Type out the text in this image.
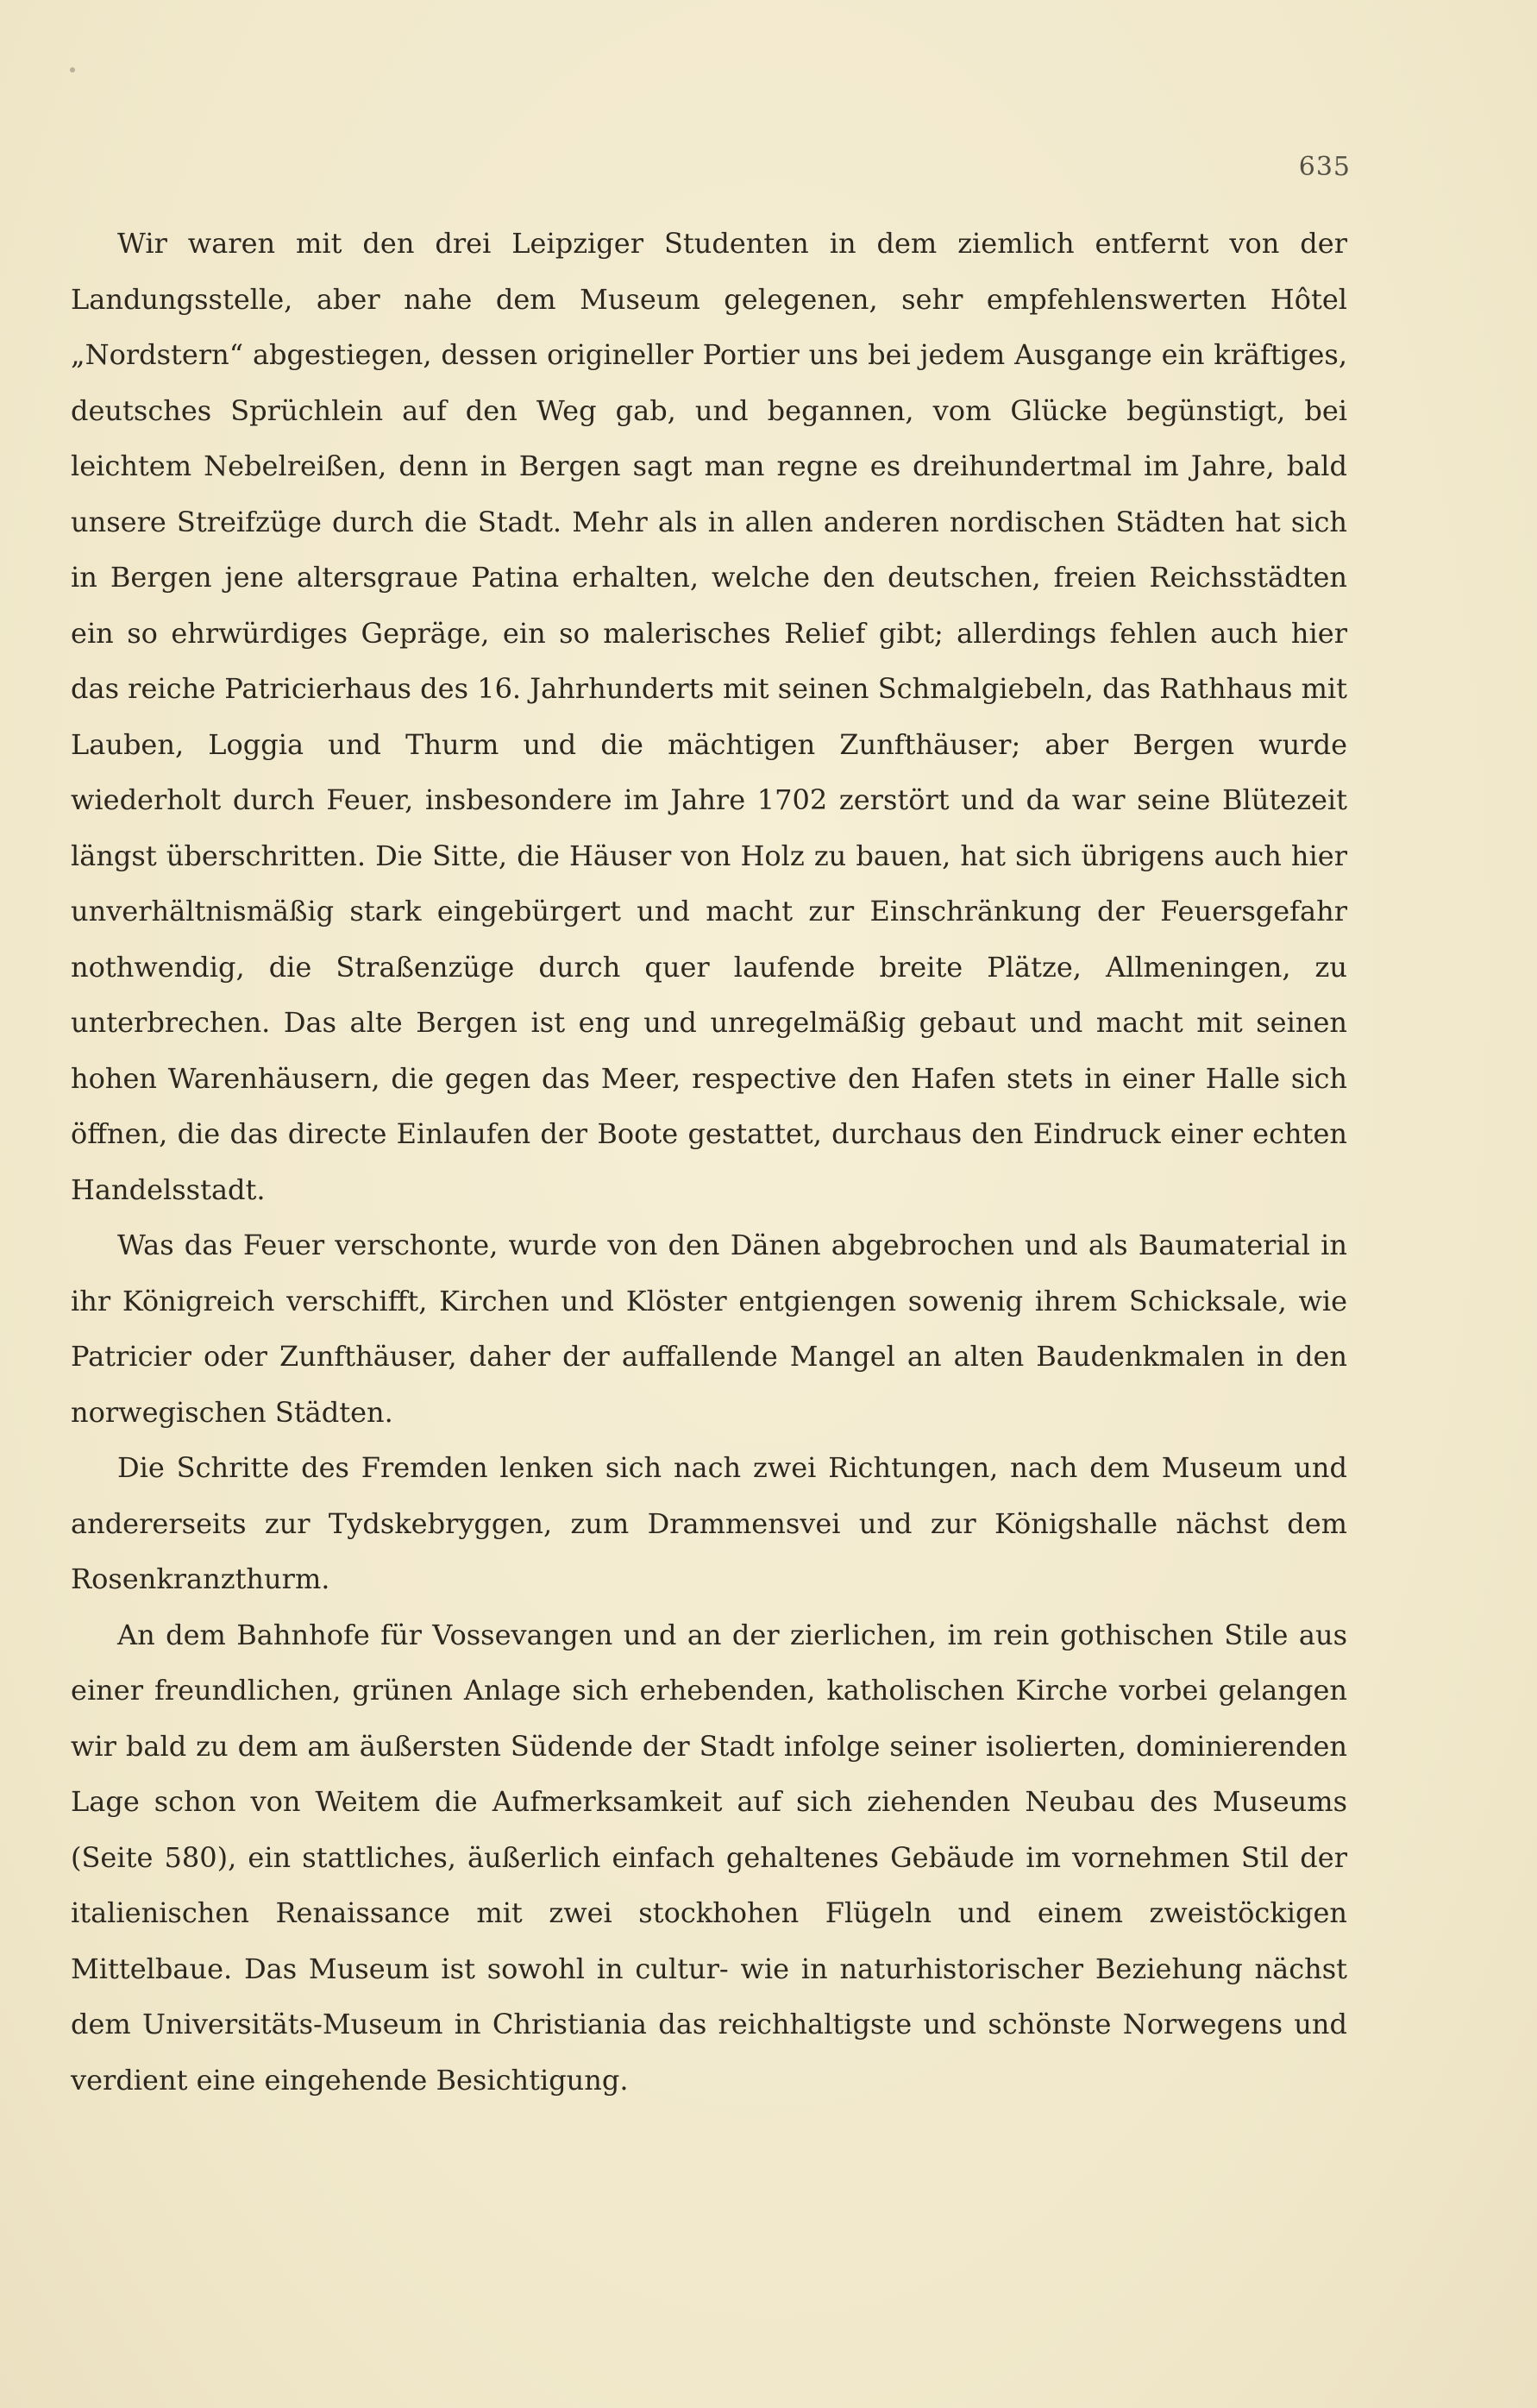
635

Wir waren mit den drei Leipziger Studenten in dem ziemlich entfernt von der Landungsstelle, aber nahe dem Museum gelegenen, sehr empfehlenswerten Hôtel „Nordstern“ abgestiegen, dessen origineller Portier uns bei jedem Ausgange ein kräftiges, deutsches Sprüchlein auf den Weg gab, und begannen, vom Glücke begünstigt, bei leichtem Nebelreißen, denn in Bergen sagt man regne es dreihundertmal im Jahre, bald unsere Streifzüge durch die Stadt. Mehr als in allen anderen nordischen Städten hat sich in Bergen jene altersgraue Patina erhalten, welche den deutschen, freien Reichsstädten ein so ehrwürdiges Gepräge, ein so malerisches Relief gibt; allerdings fehlen auch hier das reiche Patricierhaus des 16. Jahrhunderts mit seinen Schmalgiebeln, das Rathhaus mit Lauben, Loggia und Thurm und die mächtigen Zunfthäuser; aber Bergen wurde wiederholt durch Feuer, insbesondere im Jahre 1702 zerstört und da war seine Blütezeit längst überschritten. Die Sitte, die Häuser von Holz zu bauen, hat sich übrigens auch hier unverhältnismäßig stark eingebürgert und macht zur Einschränkung der Feuersgefahr nothwendig, die Straßenzüge durch quer laufende breite Plätze, Allmeningen, zu unterbrechen. Das alte Bergen ist eng und unregelmäßig gebaut und macht mit seinen hohen Warenhäusern, die gegen das Meer, respective den Hafen stets in einer Halle sich öffnen, die das directe Einlaufen der Boote gestattet, durchaus den Eindruck einer echten Handelsstadt.

Was das Feuer verschonte, wurde von den Dänen abgebrochen und als Baumaterial in ihr Königreich verschifft, Kirchen und Klöster entgiengen sowenig ihrem Schicksale, wie Patricier oder Zunfthäuser, daher der auffallende Mangel an alten Baudenkmalen in den norwegischen Städten.

Die Schritte des Fremden lenken sich nach zwei Richtungen, nach dem Museum und andererseits zur Tydskebryggen, zum Drammensvei und zur Königshalle nächst dem Rosenkranzthurm.

An dem Bahnhofe für Vossevangen und an der zierlichen, im rein gothischen Stile aus einer freundlichen, grünen Anlage sich erhebenden, katholischen Kirche vorbei gelangen wir bald zu dem am äußersten Südende der Stadt infolge seiner isolierten, dominierenden Lage schon von Weitem die Aufmerksamkeit auf sich ziehenden Neubau des Museums (Seite 580), ein stattliches, äußerlich einfach gehaltenes Gebäude im vornehmen Stil der italienischen Renaissance mit zwei stockhohen Flügeln und einem zweistöckigen Mittelbaue. Das Museum ist sowohl in cultur- wie in naturhistorischer Beziehung nächst dem Universitäts-Museum in Christiania das reichhaltigste und schönste Norwegens und verdient eine eingehende Besichtigung.
